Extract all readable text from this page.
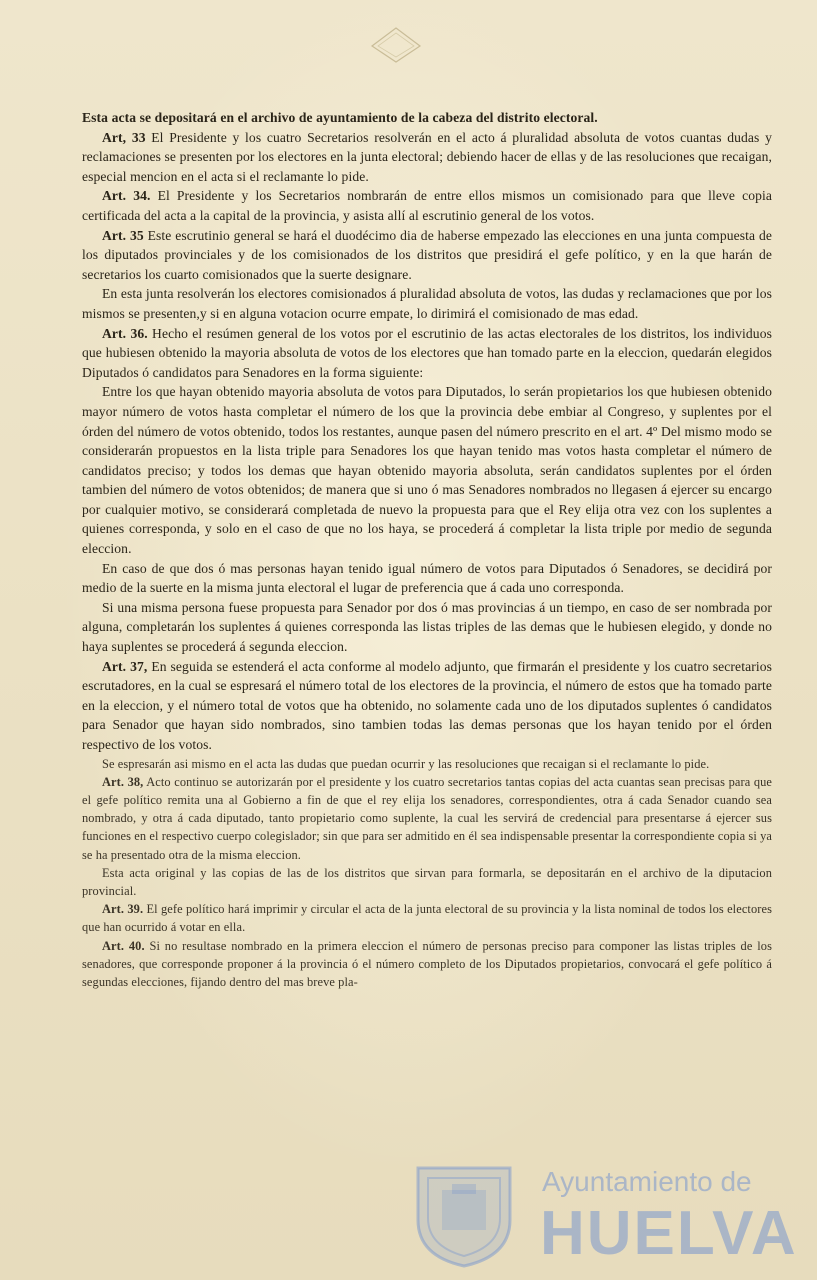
Esta acta se depositará en el archivo de ayuntamiento de la cabeza del distrito electoral.

Art, 33 El Presidente y los cuatro Secretarios resolverán en el acto á pluralidad absoluta de votos cuantas dudas y reclamaciones se presenten por los electores en la junta electoral; debiendo hacer de ellas y de las resoluciones que recaigan, especial mencion en el acta si el reclamante lo pide.

Art. 34. El Presidente y los Secretarios nombrarán de entre ellos mismos un comisionado para que lleve copia certificada del acta a la capital de la provincia, y asista allí al escrutinio general de los votos.

Art. 35 Este escrutinio general se hará el duodécimo dia de haberse empezado las elecciones en una junta compuesta de los diputados provinciales y de los comisionados de los distritos que presidirá el gefe político, y en la que harán de secretarios los cuarto comisionados que la suerte designare.

En esta junta resolverán los electores comisionados á pluralidad absoluta de votos, las dudas y reclamaciones que por los mismos se presenten,y si en alguna votacion ocurre empate, lo dirimirá el comisionado de mas edad.

Art. 36. Hecho el resúmen general de los votos por el escrutinio de las actas electorales de los distritos, los individuos que hubiesen obtenido la mayoria absoluta de votos de los electores que han tomado parte en la eleccion, quedarán elegidos Diputados ó candidatos para Senadores en la forma siguiente:

Entre los que hayan obtenido mayoria absoluta de votos para Diputados, lo serán propietarios los que hubiesen obtenido mayor número de votos hasta completar el número de los que la provincia debe embiar al Congreso, y suplentes por el órden del número de votos obtenido, todos los restantes, aunque pasen del número prescrito en el art. 4º Del mismo modo se considerarán propuestos en la lista triple para Senadores los que hayan tenido mas votos hasta completar el número de candidatos preciso; y todos los demas que hayan obtenido mayoria absoluta, serán candidatos suplentes por el órden tambien del número de votos obtenidos; de manera que si uno ó mas Senadores nombrados no llegasen á ejercer su encargo por cualquier motivo, se considerará completada de nuevo la propuesta para que el Rey elija otra vez con los suplentes a quienes corresponda, y solo en el caso de que no los haya, se procederá á completar la lista triple por medio de segunda eleccion.

En caso de que dos ó mas personas hayan tenido igual número de votos para Diputados ó Senadores, se decidirá por medio de la suerte en la misma junta electoral el lugar de preferencia que á cada uno corresponda.

Si una misma persona fuese propuesta para Senador por dos ó mas provincias á un tiempo, en caso de ser nombrada por alguna, completarán los suplentes á quienes corresponda las listas triples de las demas que le hubiesen elegido, y donde no haya suplentes se procederá á segunda eleccion.

Art. 37, En seguida se estenderá el acta conforme al modelo adjunto, que firmarán el presidente y los cuatro secretarios escrutadores, en la cual se espresará el número total de los electores de la provincia, el número de estos que ha tomado parte en la eleccion, y el número total de votos que ha obtenido, no solamente cada uno de los diputados suplentes ó candidatos para Senador que hayan sido nombrados, sino tambien todas las demas personas que los hayan tenido por el órden respectivo de los votos.

Se espresarán asi mismo en el acta las dudas que puedan ocurrir y las resoluciones que recaigan si el reclamante lo pide.

Art. 38, Acto continuo se autorizarán por el presidente y los cuatro secretarios tantas copias del acta cuantas sean precisas para que el gefe político remita una al Gobierno a fin de que el rey elija los senadores, correspondientes, otra á cada Senador cuando sea nombrado, y otra á cada diputado, tanto propietario como suplente, la cual les servirá de credencial para presentarse á ejercer sus funciones en el respectivo cuerpo colegislador; sin que para ser admitido en él sea indispensable presentar la correspondiente copia si ya se ha presentado otra de la misma eleccion.

Esta acta original y las copias de las de los distritos que sirvan para formarla, se depositarán en el archivo de la diputacion provincial.

Art. 39. El gefe político hará imprimir y circular el acta de la junta electoral de su provincia y la lista nominal de todos los electores que han ocurrido á votar en ella.

Art. 40. Si no resultase nombrado en la primera eleccion el número de personas preciso para componer las listas triples de los senadores, que corresponde proponer á la provincia ó el número completo de los Diputados propietarios, convocará el gefe político á segundas elecciones, fijando dentro del mas breve pla-

Ayuntamiento de
HUELVA
